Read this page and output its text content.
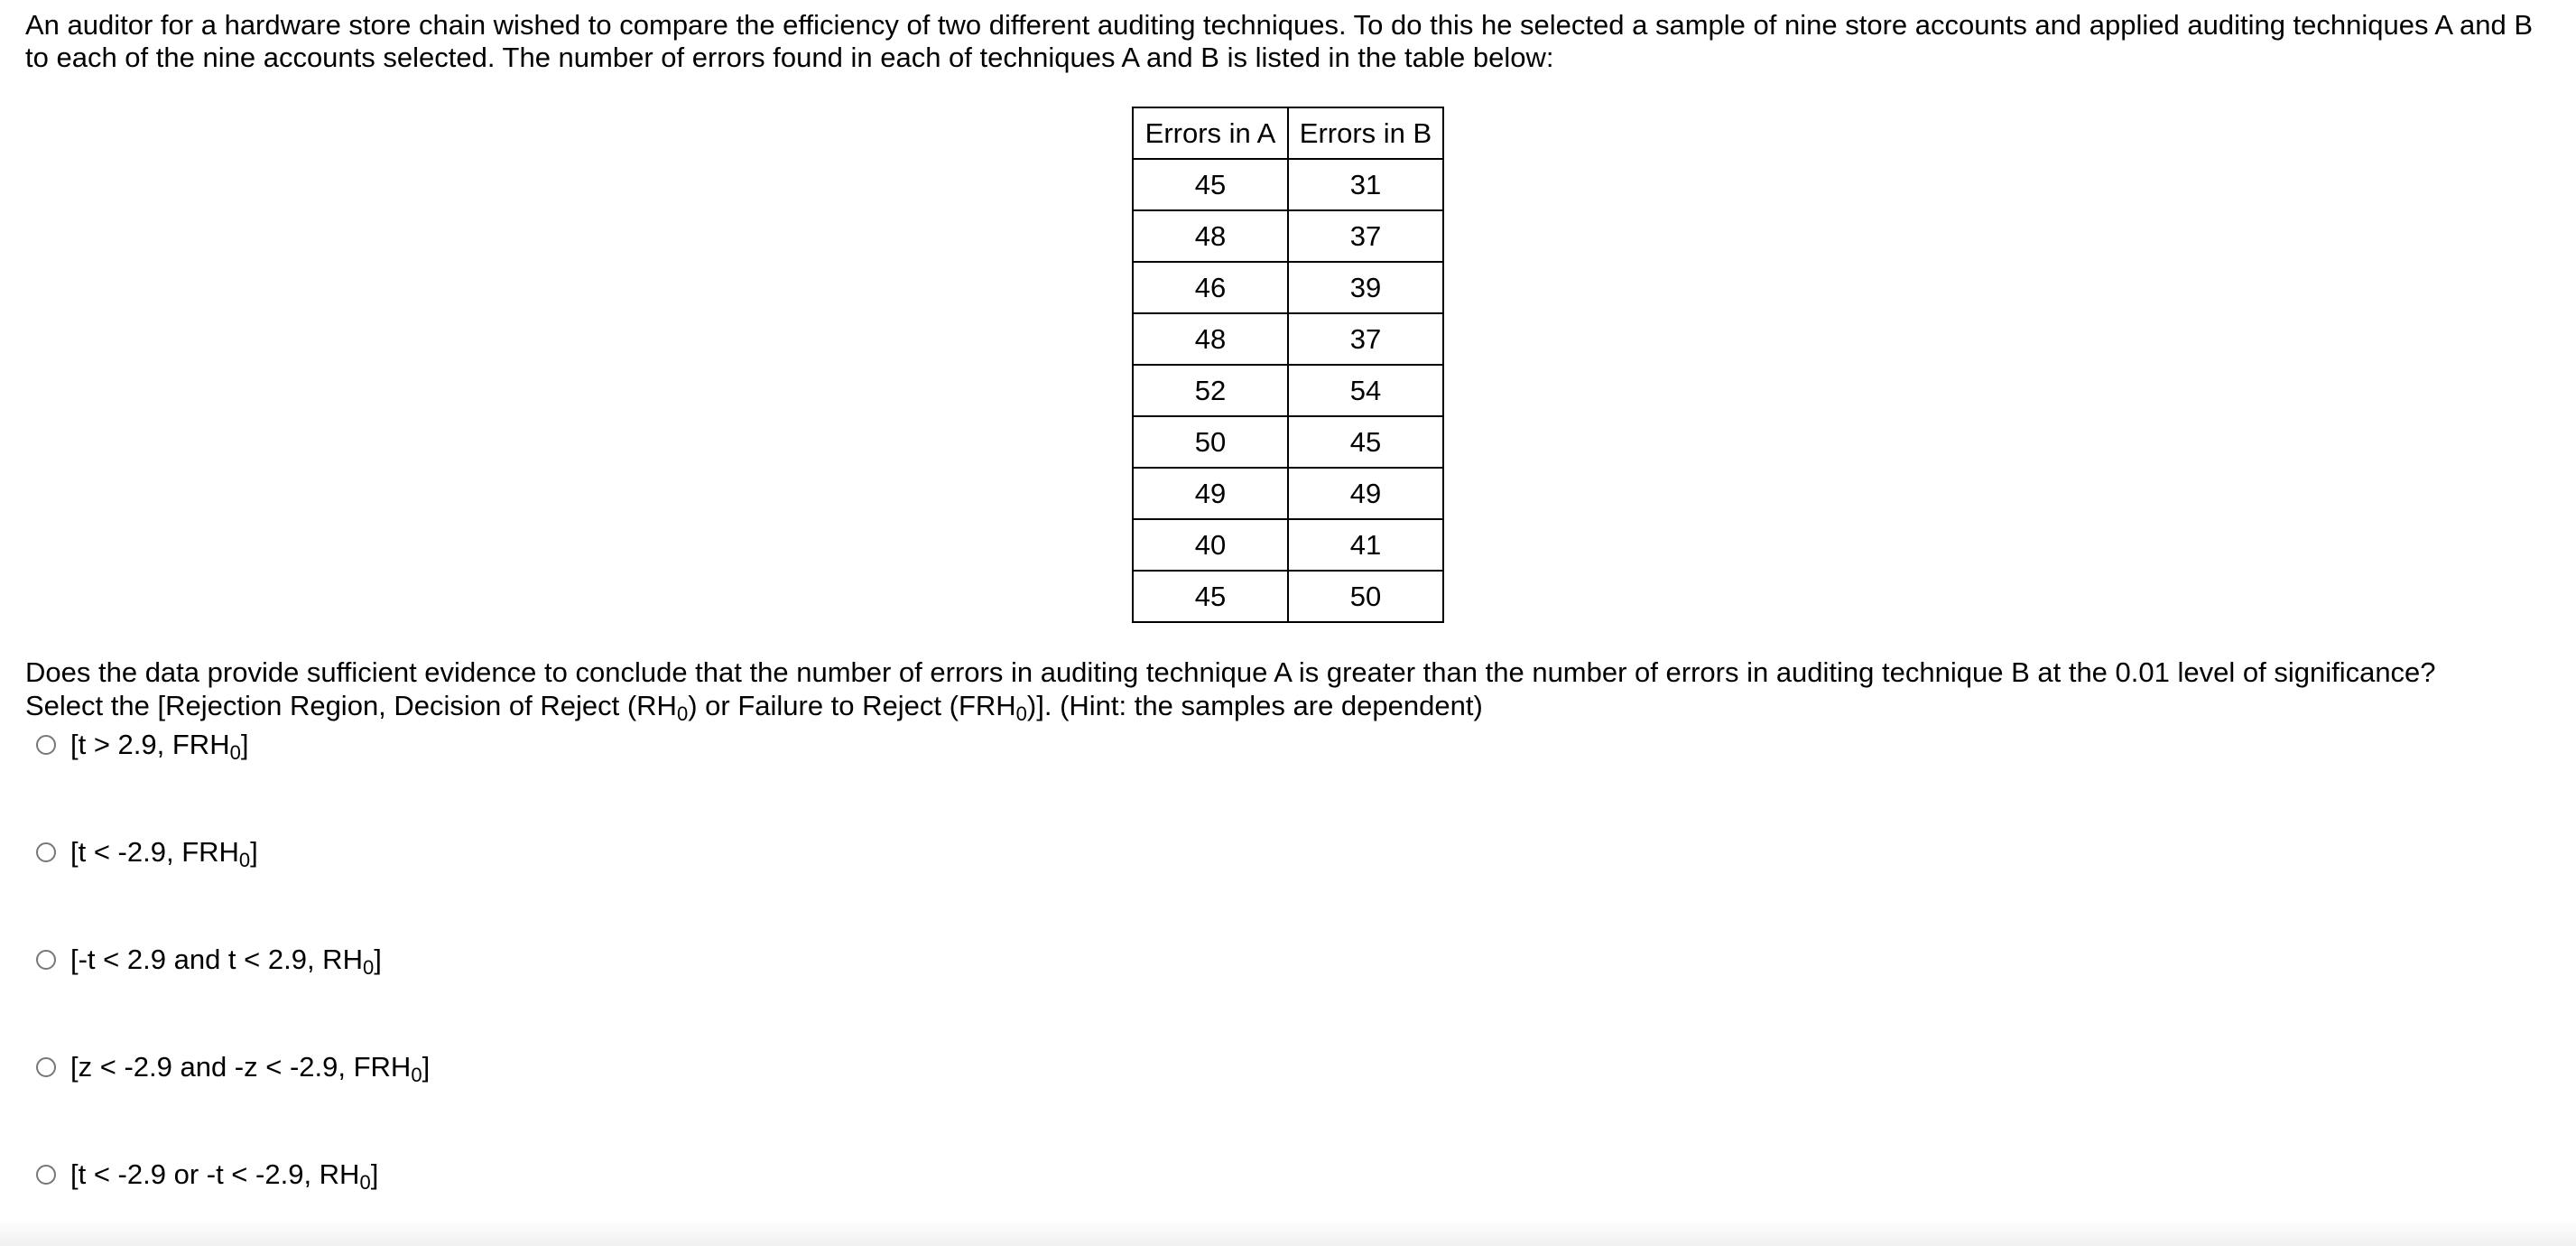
An auditor for a hardware store chain wished to compare the efficiency of two different auditing techniques. To do this he selected a sample of nine store accounts and applied auditing techniques A and B to each of the nine accounts selected. The number of errors found in each of techniques A and B is listed in the table below:

Errors in A	Errors in B
45	31
48	37
46	39
48	37
52	54
50	45
49	49
40	41
45	50
Does the data provide sufficient evidence to conclude that the number of errors in auditing technique A is greater than the number of errors in auditing technique B at the 0.01 level of significance?
Select the [Rejection Region, Decision of Reject $(RH_0)$ or Failure to Reject $(FRH_0)$]. (Hint: the samples are dependent)
[t > 2.9, $FRH_0$]
[t < -2.9, $FRH_0$]
[-t < 2.9 and t < 2.9, $RH_0$]
[z < -2.9 and -z < -2.9, $FRH_0$]
[t < -2.9 or -t < -2.9, $RH_0$]
